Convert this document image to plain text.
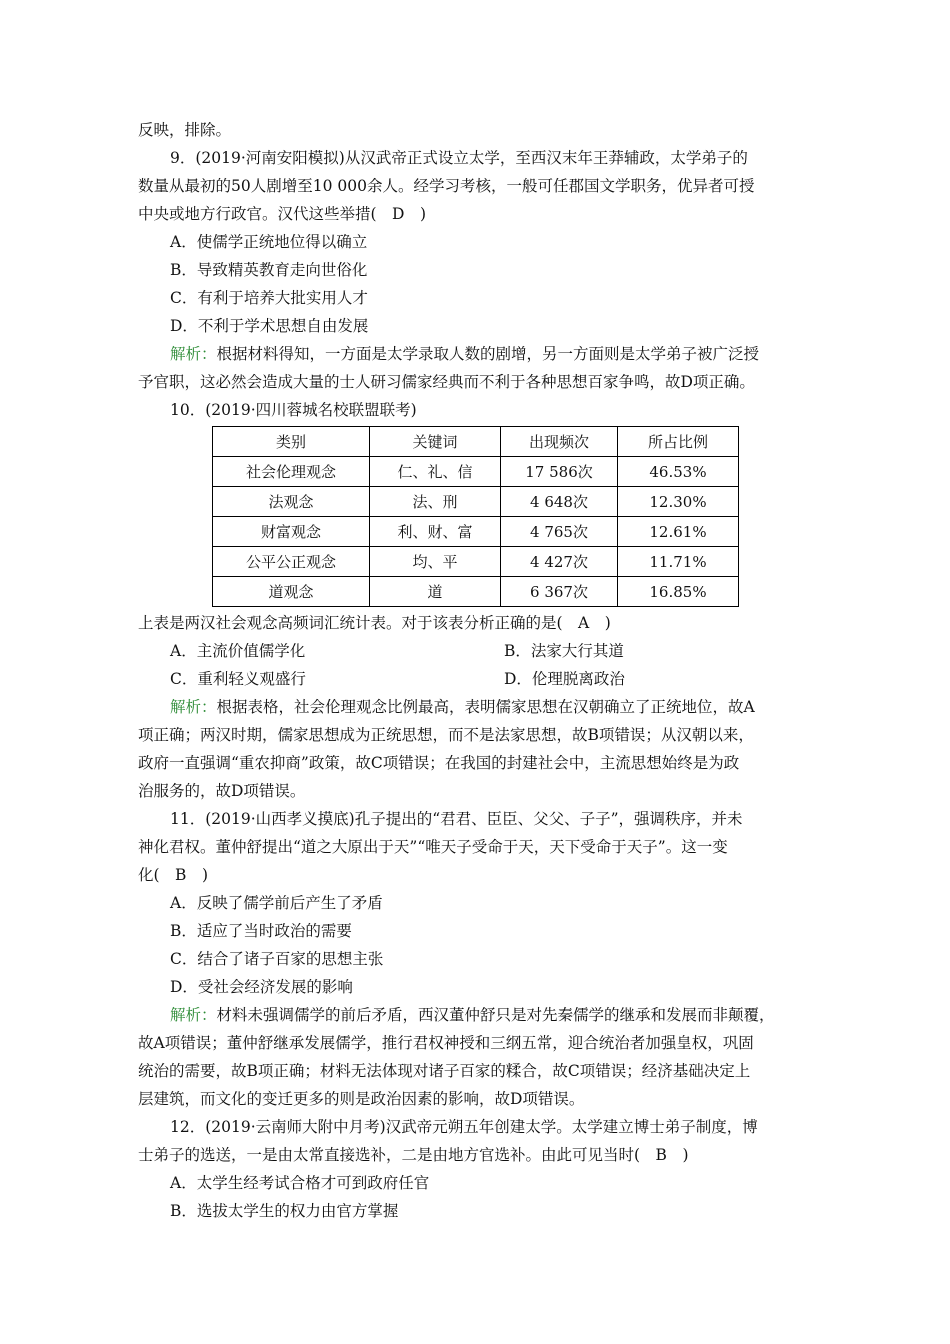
反映，排除。
9．(2019·河南安阳模拟)从汉武帝正式设立太学，至西汉末年王莽辅政，太学弟子的
数量从最初的50人剧增至10 000余人。经学习考核，一般可任郡国文学职务，优异者可授
中央或地方行政官。汉代这些举措(　D　)
A．使儒学正统地位得以确立
B．导致精英教育走向世俗化
C．有利于培养大批实用人才
D．不利于学术思想自由发展
解析：根据材料得知，一方面是太学录取人数的剧增，另一方面则是太学弟子被广泛授
予官职，这必然会造成大量的士人研习儒家经典而不利于各种思想百家争鸣，故D项正确。
10．(2019·四川蓉城名校联盟联考)
类别	关键词	出现频次	所占比例
社会伦理观念	仁、礼、信	17 586次	46.53%
法观念	法、刑	4 648次	12.30%
财富观念	利、财、富	4 765次	12.61%
公平公正观念	均、平	4 427次	11.71%
道观念	道	6 367次	16.85%
上表是两汉社会观念高频词汇统计表。对于该表分析正确的是(　A　)
A．主流价值儒学化	B．法家大行其道
C．重利轻义观盛行	D．伦理脱离政治
解析：根据表格，社会伦理观念比例最高，表明儒家思想在汉朝确立了正统地位，故A
项正确；两汉时期，儒家思想成为正统思想，而不是法家思想，故B项错误；从汉朝以来，
政府一直强调“重农抑商”政策，故C项错误；在我国的封建社会中，主流思想始终是为政
治服务的，故D项错误。
11．(2019·山西孝义摸底)孔子提出的“君君、臣臣、父父、子子”，强调秩序，并未
神化君权。董仲舒提出“道之大原出于天”“唯天子受命于天，天下受命于天子”。这一变
化(　B　)
A．反映了儒学前后产生了矛盾
B．适应了当时政治的需要
C．结合了诸子百家的思想主张
D．受社会经济发展的影响
解析：材料未强调儒学的前后矛盾，西汉董仲舒只是对先秦儒学的继承和发展而非颠覆，
故A项错误；董仲舒继承发展儒学，推行君权神授和三纲五常，迎合统治者加强皇权，巩固
统治的需要，故B项正确；材料无法体现对诸子百家的糅合，故C项错误；经济基础决定上
层建筑，而文化的变迁更多的则是政治因素的影响，故D项错误。
12．(2019·云南师大附中月考)汉武帝元朔五年创建太学。太学建立博士弟子制度，博
士弟子的选送，一是由太常直接选补，二是由地方官选补。由此可见当时(　B　)
A．太学生经考试合格才可到政府任官
B．选拔太学生的权力由官方掌握
